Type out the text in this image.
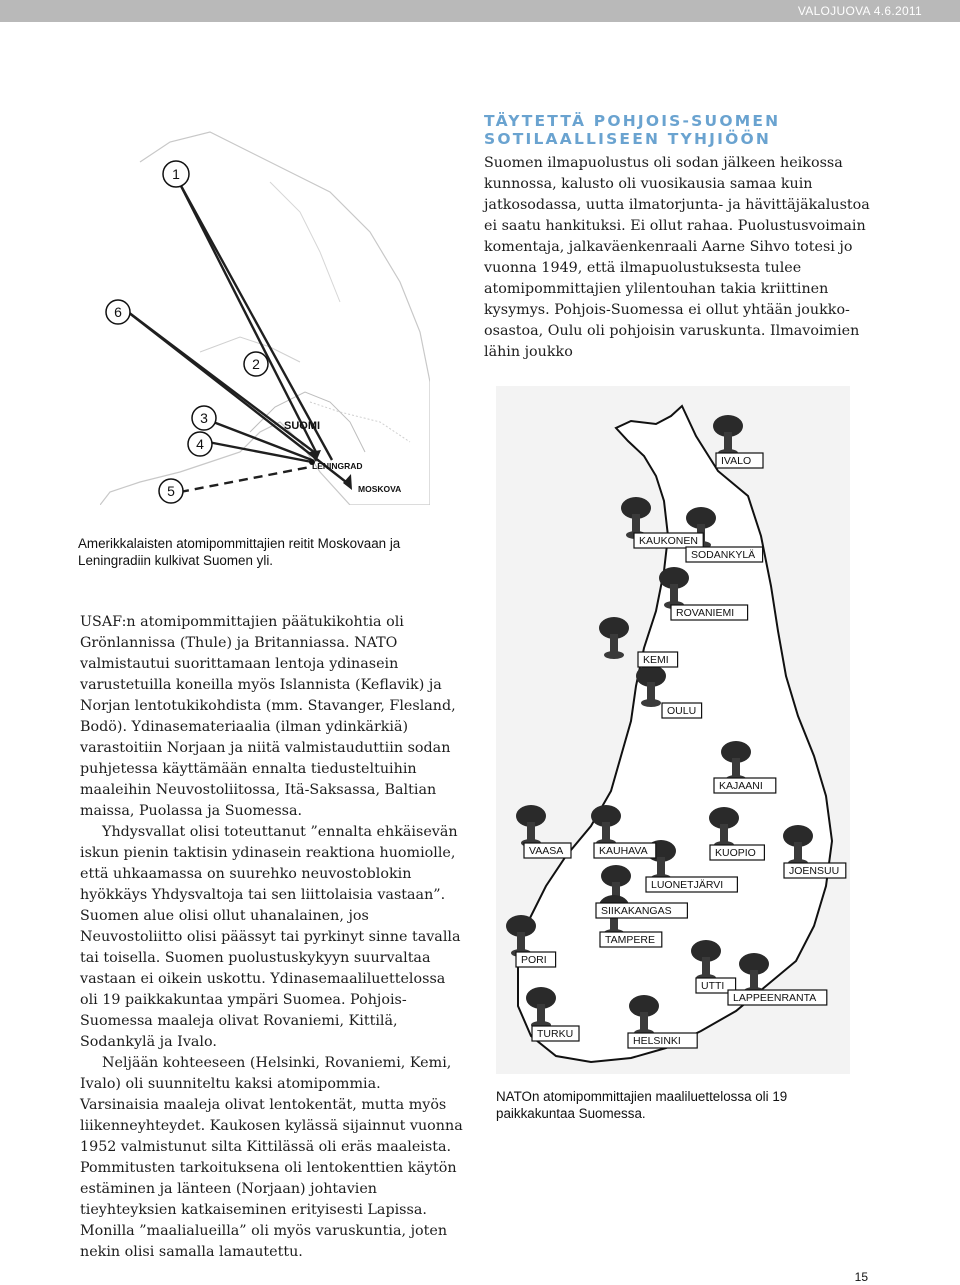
VALOJUOVA 4.6.2011
1
2
3
4
5
6
SUOMI
LENINGRAD
MOSKOVA
Amerikkalaisten atomipommittajien reitit Moskovaan ja Leningradiin kulkivat Suomen yli.
TÄYTETTÄ POHJOIS-SUOMEN SOTILAALLISEEN TYHJIÖÖN

Suomen ilmapuolustus oli sodan jälkeen heikossa kunnossa, kalusto oli vuosikausia samaa kuin jatkosodassa, uutta ilmatorjunta- ja hävittäjäkalustoa ei saatu hankituksi. Ei ollut rahaa. Puolustusvoimain komentaja, jalkaväenkenraali Aarne Sihvo totesi jo vuonna 1949, että ilmapuolustuksesta tulee atomipommittajien ylilentouhan takia kriittinen kysymys. Pohjois-Suomessa ei ollut yhtään joukko-osastoa, Oulu oli pohjoisin varuskunta. Ilmavoimien lähin joukko

USAF:n atomipommittajien päätukikohtia oli Grönlannissa (Thule) ja Britanniassa. NATO valmistautui suorittamaan lentoja ydinasein varustetuilla koneilla myös Islannista (Keflavik) ja Norjan lentotukikohdista (mm. Stavanger, Flesland, Bodö). Ydinasemateriaalia (ilman ydinkärkiä) varastoitiin Norjaan ja niitä valmistauduttiin sodan puhjetessa käyttämään ennalta tiedusteltuihin maaleihin Neuvostoliitossa, Itä-Saksassa, Baltian maissa, Puolassa ja Suomessa.

Yhdysvallat olisi toteuttanut ”ennalta ehkäisevän iskun pienin taktisin ydinasein reaktiona huomiolle, että uhkaamassa on suurehko neuvostoblokin hyökkäys Yhdysvaltoja tai sen liittolaisia vastaan”. Suomen alue olisi ollut uhanalainen, jos Neuvostoliitto olisi päässyt tai pyrkinyt sinne tavalla tai toisella. Suomen puolustuskykyyn suurvaltaa vastaan ei oikein uskottu. Ydinasemaaliluettelossa oli 19 paikkakuntaa ympäri Suomea. Pohjois-Suomessa maaleja olivat Rovaniemi, Kittilä, Sodankylä ja Ivalo.

Neljään kohteeseen (Helsinki, Rovaniemi, Kemi, Ivalo) oli suunniteltu kaksi atomipommia. Varsinaisia maaleja olivat lentokentät, mutta myös liikenneyhteydet. Kaukosen kylässä sijainnut vuonna 1952 valmistunut silta Kittilässä oli eräs maaleista. Pommitusten tarkoituksena oli lentokenttien käytön estäminen ja länteen (Norjaan) johtavien tieyhteyksien katkaiseminen erityisesti Lapissa. Monilla ”maalialueilla” oli myös varuskuntia, joten nekin olisi samalla lamautettu.

IVALO
KAUKONEN
SODANKYLÄ
ROVANIEMI
KEMI
OULU
KAJAANI
VAASA	KAUHAVA	KUOPIO
JOENSUU
LUONETJÄRVI
SIIKAKANGAS
TAMPERE
PORI
UTTI
LAPPEENRANTA
TURKU
HELSINKI
NATOn atomipommittajien maaliluettelossa oli 19 paikkakuntaa Suomessa.
15
